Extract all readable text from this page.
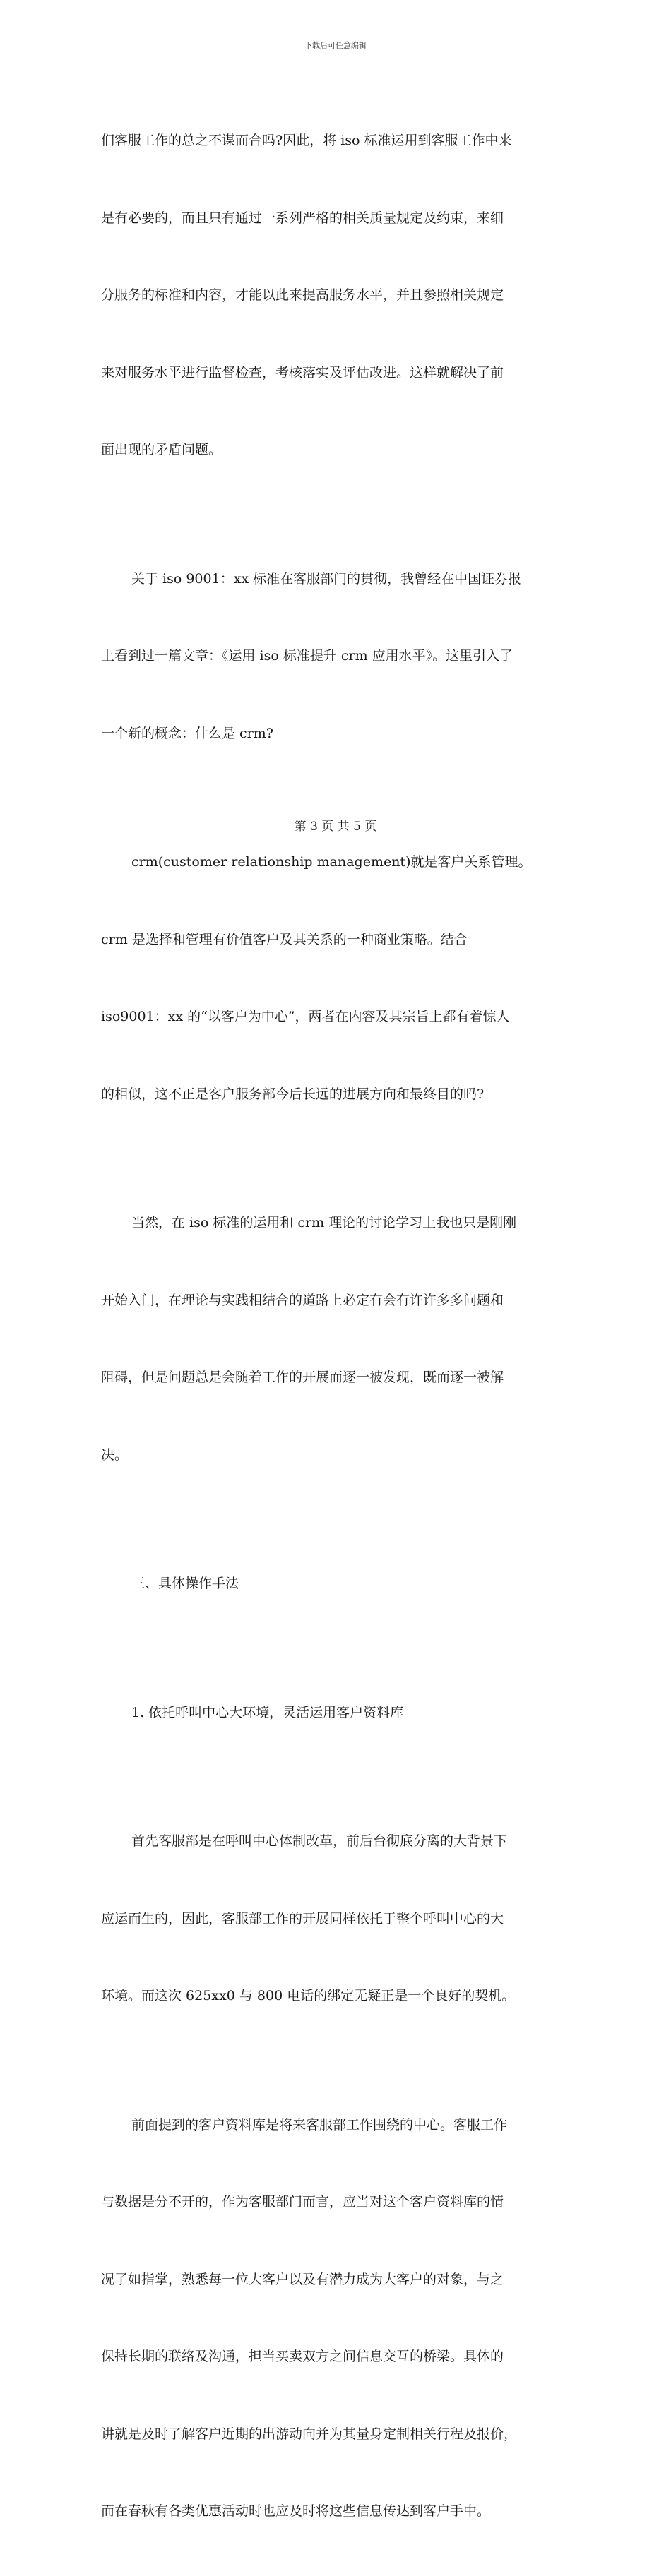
下载后可任意编辑

们客服工作的总之不谋而合吗?因此，将 iso 标准运用到客服工作中来

是有必要的，而且只有通过一系列严格的相关质量规定及约束，来细

分服务的标准和内容，才能以此来提高服务水平，并且参照相关规定

来对服务水平进行监督检查，考核落实及评估改进。这样就解决了前

面出现的矛盾问题。

关于 iso 9001：xx 标准在客服部门的贯彻，我曾经在中国证券报

上看到过一篇文章：《运用 iso 标准提升 crm 应用水平》。这里引入了

一个新的概念：什么是 crm?

crm(customer relationship management)就是客户关系管理。

crm 是选择和管理有价值客户及其关系的一种商业策略。结合

iso9001：xx 的“以客户为中心”，两者在内容及其宗旨上都有着惊人

的相似，这不正是客户服务部今后长远的进展方向和最终目的吗?

当然，在 iso 标准的运用和 crm 理论的讨论学习上我也只是刚刚

开始入门，在理论与实践相结合的道路上必定有会有许许多多问题和

阻碍，但是问题总是会随着工作的开展而逐一被发现，既而逐一被解

决。

三、具体操作手法

1. 依托呼叫中心大环境，灵活运用客户资料库

首先客服部是在呼叫中心体制改革，前后台彻底分离的大背景下

应运而生的，因此，客服部工作的开展同样依托于整个呼叫中心的大

环境。而这次 625xx0 与 800 电话的绑定无疑正是一个良好的契机。

前面提到的客户资料库是将来客服部工作围绕的中心。客服工作

与数据是分不开的，作为客服部门而言，应当对这个客户资料库的情

况了如指掌，熟悉每一位大客户以及有潜力成为大客户的对象，与之

保持长期的联络及沟通，担当买卖双方之间信息交互的桥梁。具体的

讲就是及时了解客户近期的出游动向并为其量身定制相关行程及报价，

而在春秋有各类优惠活动时也应及时将这些信息传达到客户手中。

第 3 页 共 5 页
